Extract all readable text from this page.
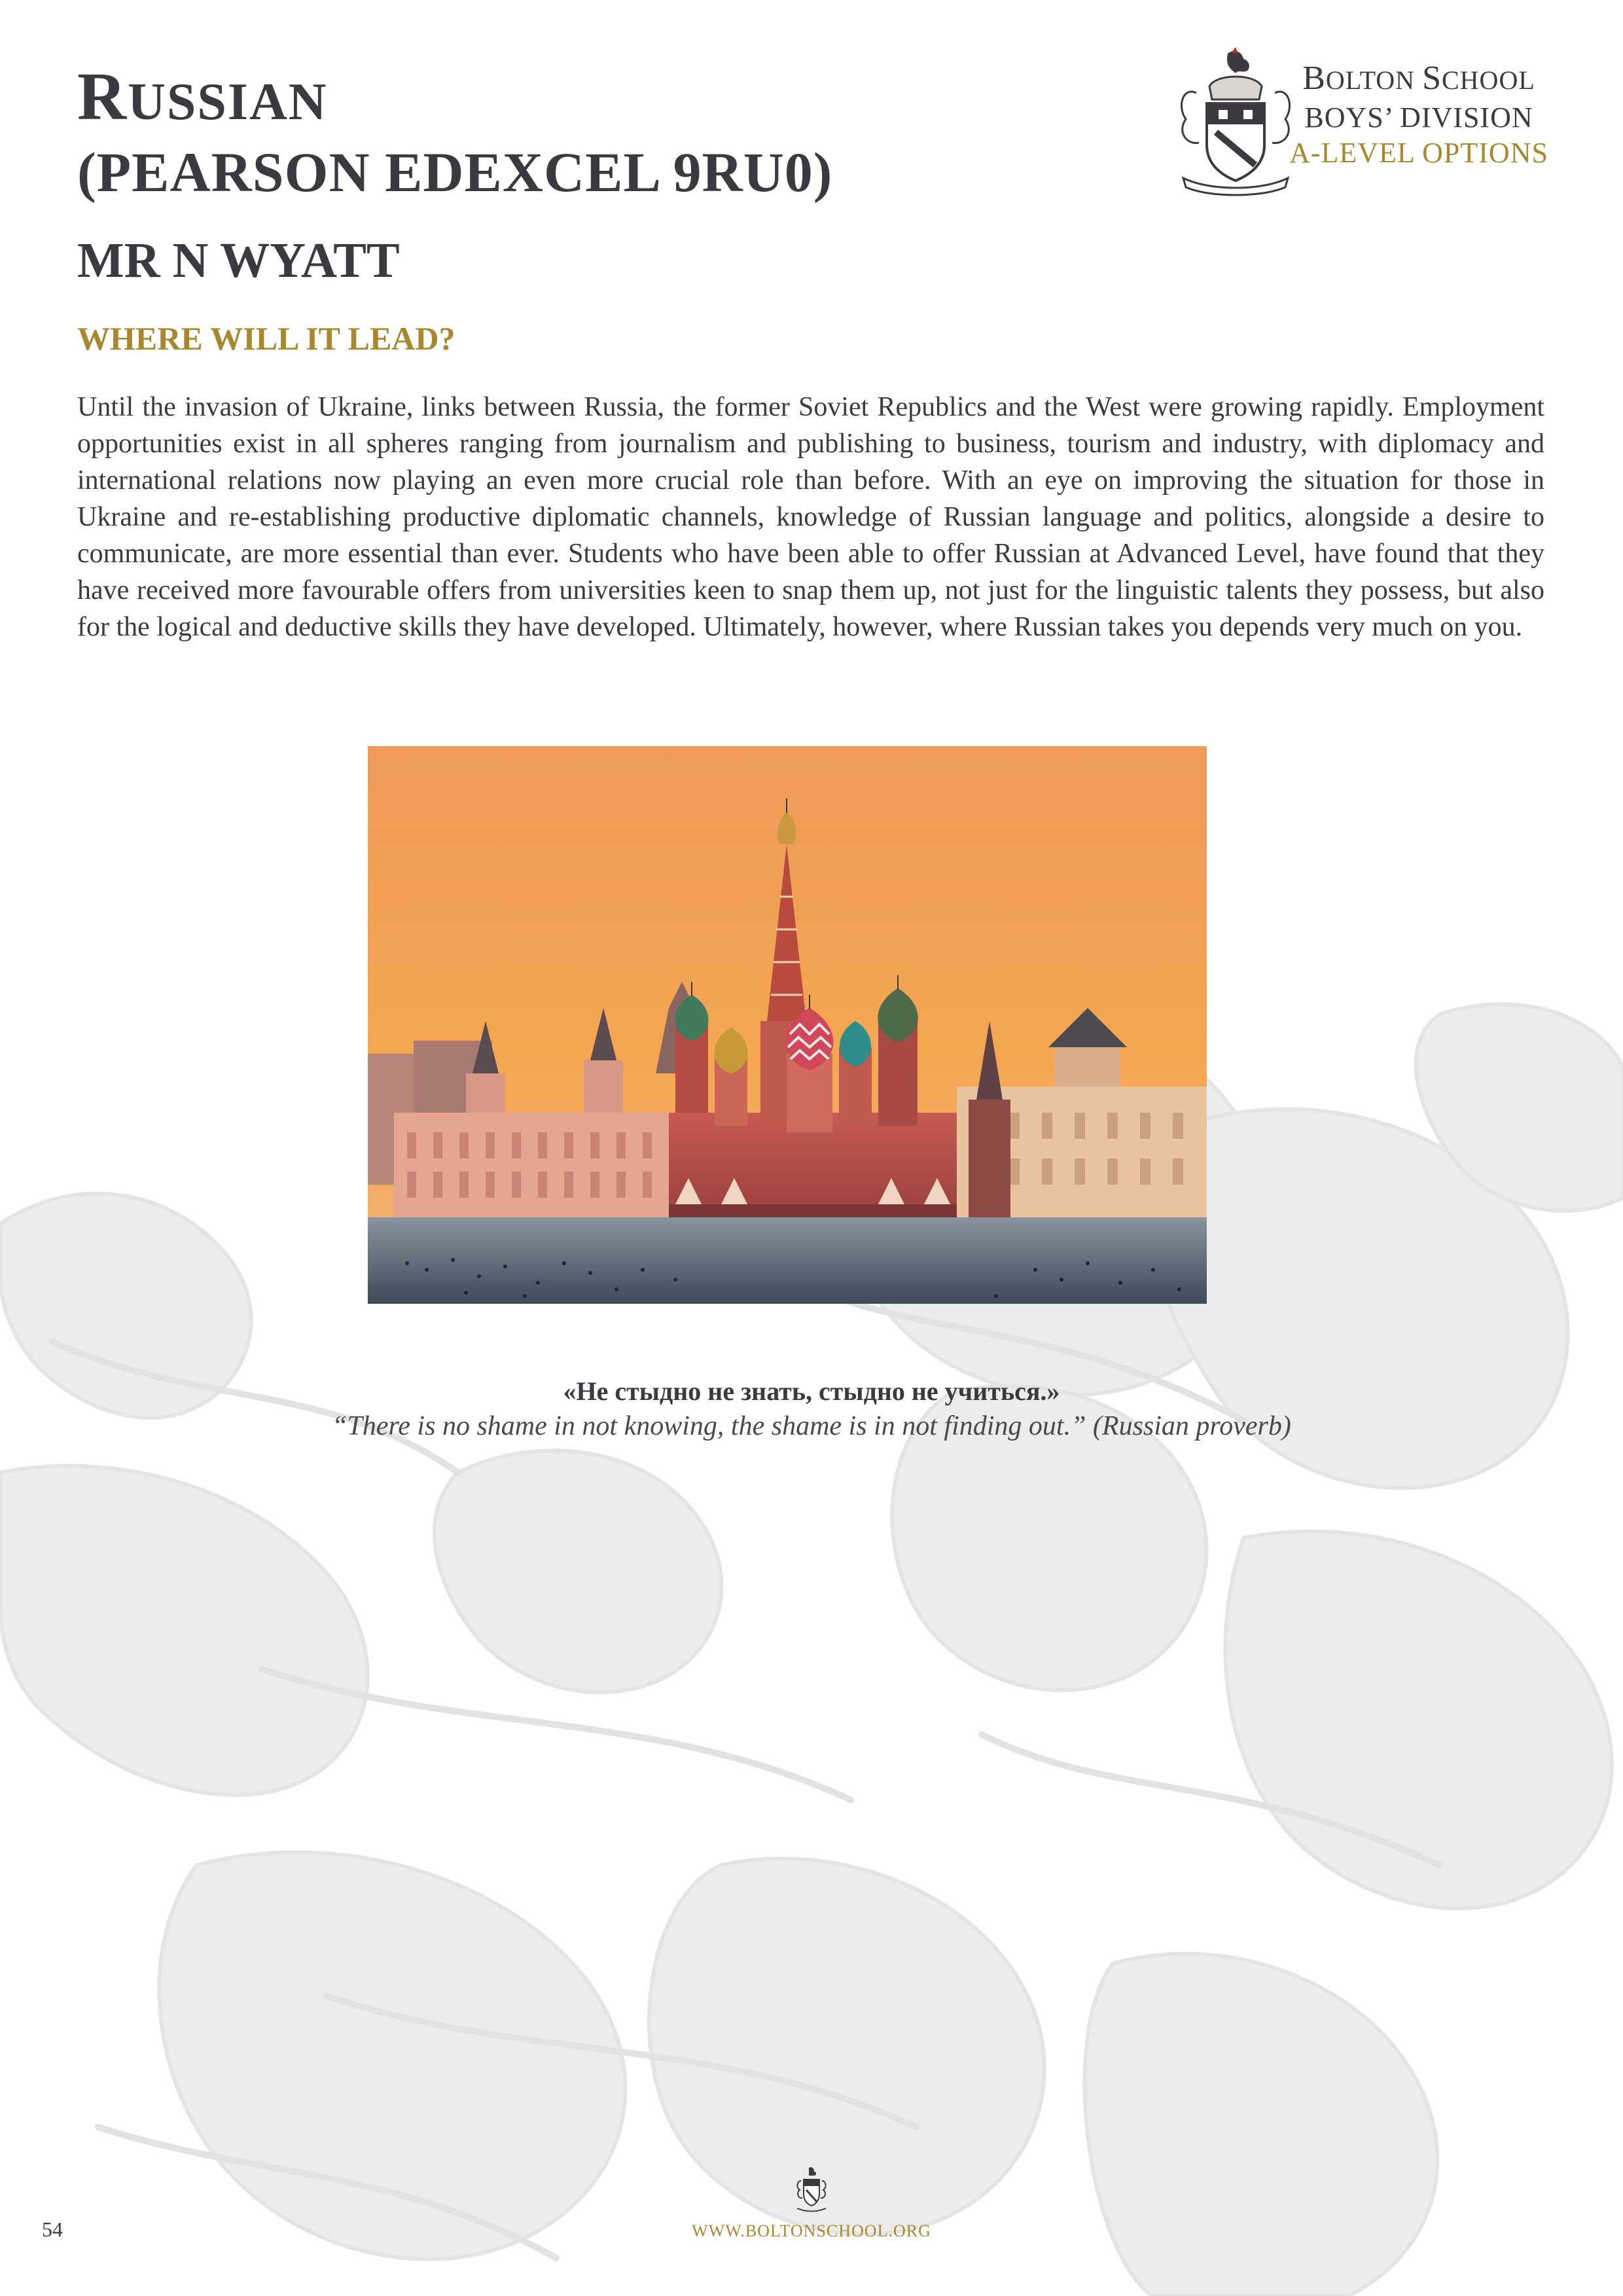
RUSSIAN
(PEARSON EDEXCEL 9RU0)
MR N WYATT
BOLTON SCHOOL
BOYS’ DIVISION
A-LEVEL OPTIONS
WHERE WILL IT LEAD?

Until the invasion of Ukraine, links between Russia, the former Soviet Republics and the West were growing rapidly. Employment opportunities exist in all spheres ranging from journalism and publishing to business, tourism and industry, with diplomacy and international relations now playing an even more crucial role than before. With an eye on improving the situation for those in Ukraine and re-establishing productive diplomatic channels, knowledge of Russian language and politics, alongside a desire to communicate, are more essential than ever. Students who have been able to offer Russian at Advanced Level, have found that they have received more favourable offers from universities keen to snap them up, not just for the linguistic talents they possess, but also for the logical and deductive skills they have developed. Ultimately, however, where Russian takes you depends very much on you.

«Не стыдно не знать, стыдно не учиться.»
“There is no shame in not knowing, the shame is in not finding out.” (Russian proverb)
54	WWW.BOLTONSCHOOL.ORG
